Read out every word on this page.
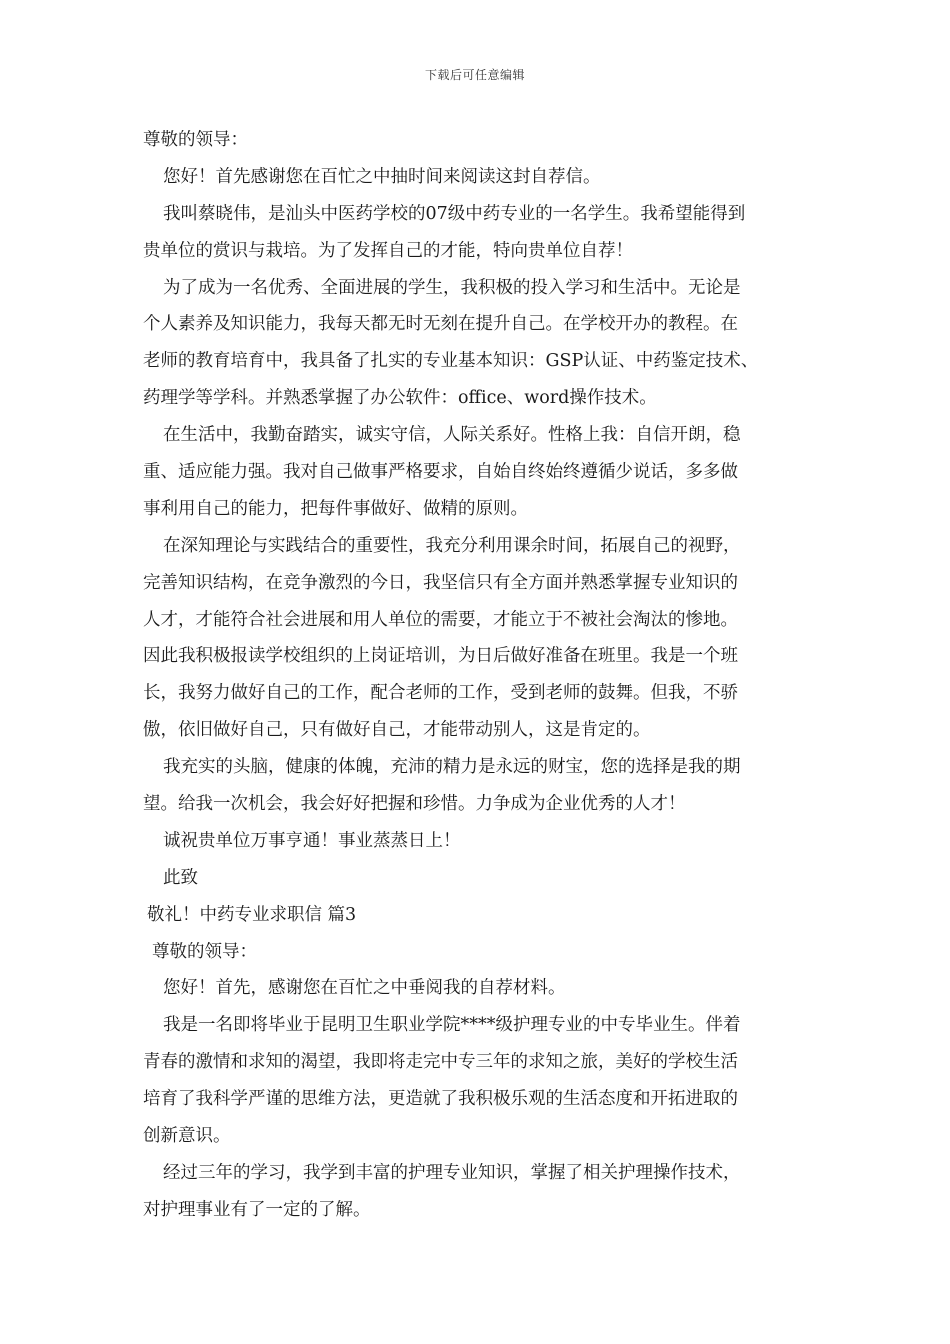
下载后可任意编辑
尊敬的领导：
您好！首先感谢您在百忙之中抽时间来阅读这封自荐信。
我叫蔡晓伟，是汕头中医药学校的07级中药专业的一名学生。我希望能得到
贵单位的赏识与栽培。为了发挥自己的才能，特向贵单位自荐！
为了成为一名优秀、全面进展的学生，我积极的投入学习和生活中。无论是
个人素养及知识能力，我每天都无时无刻在提升自己。在学校开办的教程。在
老师的教育培育中，我具备了扎实的专业基本知识：GSP认证、中药鉴定技术、
药理学等学科。并熟悉掌握了办公软件：office、word操作技术。
在生活中，我勤奋踏实，诚实守信，人际关系好。性格上我：自信开朗，稳
重、适应能力强。我对自己做事严格要求，自始自终始终遵循少说话，多多做
事利用自己的能力，把每件事做好、做精的原则。
在深知理论与实践结合的重要性，我充分利用课余时间，拓展自己的视野，
完善知识结构，在竞争激烈的今日，我坚信只有全方面并熟悉掌握专业知识的
人才，才能符合社会进展和用人单位的需要，才能立于不被社会淘汰的惨地。
因此我积极报读学校组织的上岗证培训，为日后做好准备在班里。我是一个班
长，我努力做好自己的工作，配合老师的工作，受到老师的鼓舞。但我，不骄
傲，依旧做好自己，只有做好自己，才能带动别人，这是肯定的。
我充实的头脑，健康的体魄，充沛的精力是永远的财宝，您的选择是我的期
望。给我一次机会，我会好好把握和珍惜。力争成为企业优秀的人才！
诚祝贵单位万事亨通！事业蒸蒸日上！
此致
敬礼！中药专业求职信 篇3
尊敬的领导：
您好！首先，感谢您在百忙之中垂阅我的自荐材料。
我是一名即将毕业于昆明卫生职业学院****级护理专业的中专毕业生。伴着
青春的激情和求知的渴望，我即将走完中专三年的求知之旅，美好的学校生活
培育了我科学严谨的思维方法，更造就了我积极乐观的生活态度和开拓进取的
创新意识。
经过三年的学习，我学到丰富的护理专业知识，掌握了相关护理操作技术，
对护理事业有了一定的了解。
